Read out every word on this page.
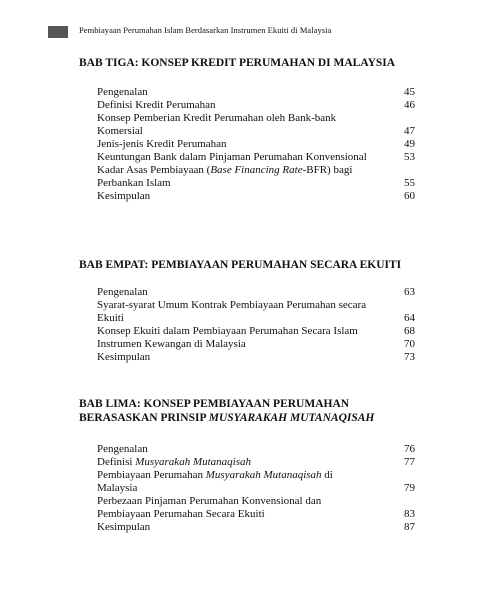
Pembiayaan Perumahan Islam Berdasarkan Instrumen Ekuiti di Malaysia
BAB TIGA: KONSEP KREDIT PERUMAHAN DI MALAYSIA
Pengenalan	45
Definisi Kredit Perumahan	46
Konsep Pemberian Kredit Perumahan oleh Bank-bank Komersial	47
Jenis-jenis Kredit Perumahan	49
Keuntungan Bank dalam Pinjaman Perumahan Konvensional	53
Kadar Asas Pembiayaan (Base Financing Rate-BFR) bagi Perbankan Islam	55
Kesimpulan	60
BAB EMPAT: PEMBIAYAAN PERUMAHAN SECARA EKUITI
Pengenalan	63
Syarat-syarat Umum Kontrak Pembiayaan Perumahan secara Ekuiti	64
Konsep Ekuiti dalam Pembiayaan Perumahan Secara Islam	68
Instrumen Kewangan di Malaysia	70
Kesimpulan	73
BAB LIMA: KONSEP PEMBIAYAAN PERUMAHAN
BERASASKAN PRINSIP MUSYARAKAH MUTANAQISAH
Pengenalan	76
Definisi Musyarakah Mutanaqisah	77
Pembiayaan Perumahan Musyarakah Mutanaqisah di Malaysia	79
Perbezaan Pinjaman Perumahan Konvensional dan Pembiayaan Perumahan Secara Ekuiti	83
Kesimpulan	87
